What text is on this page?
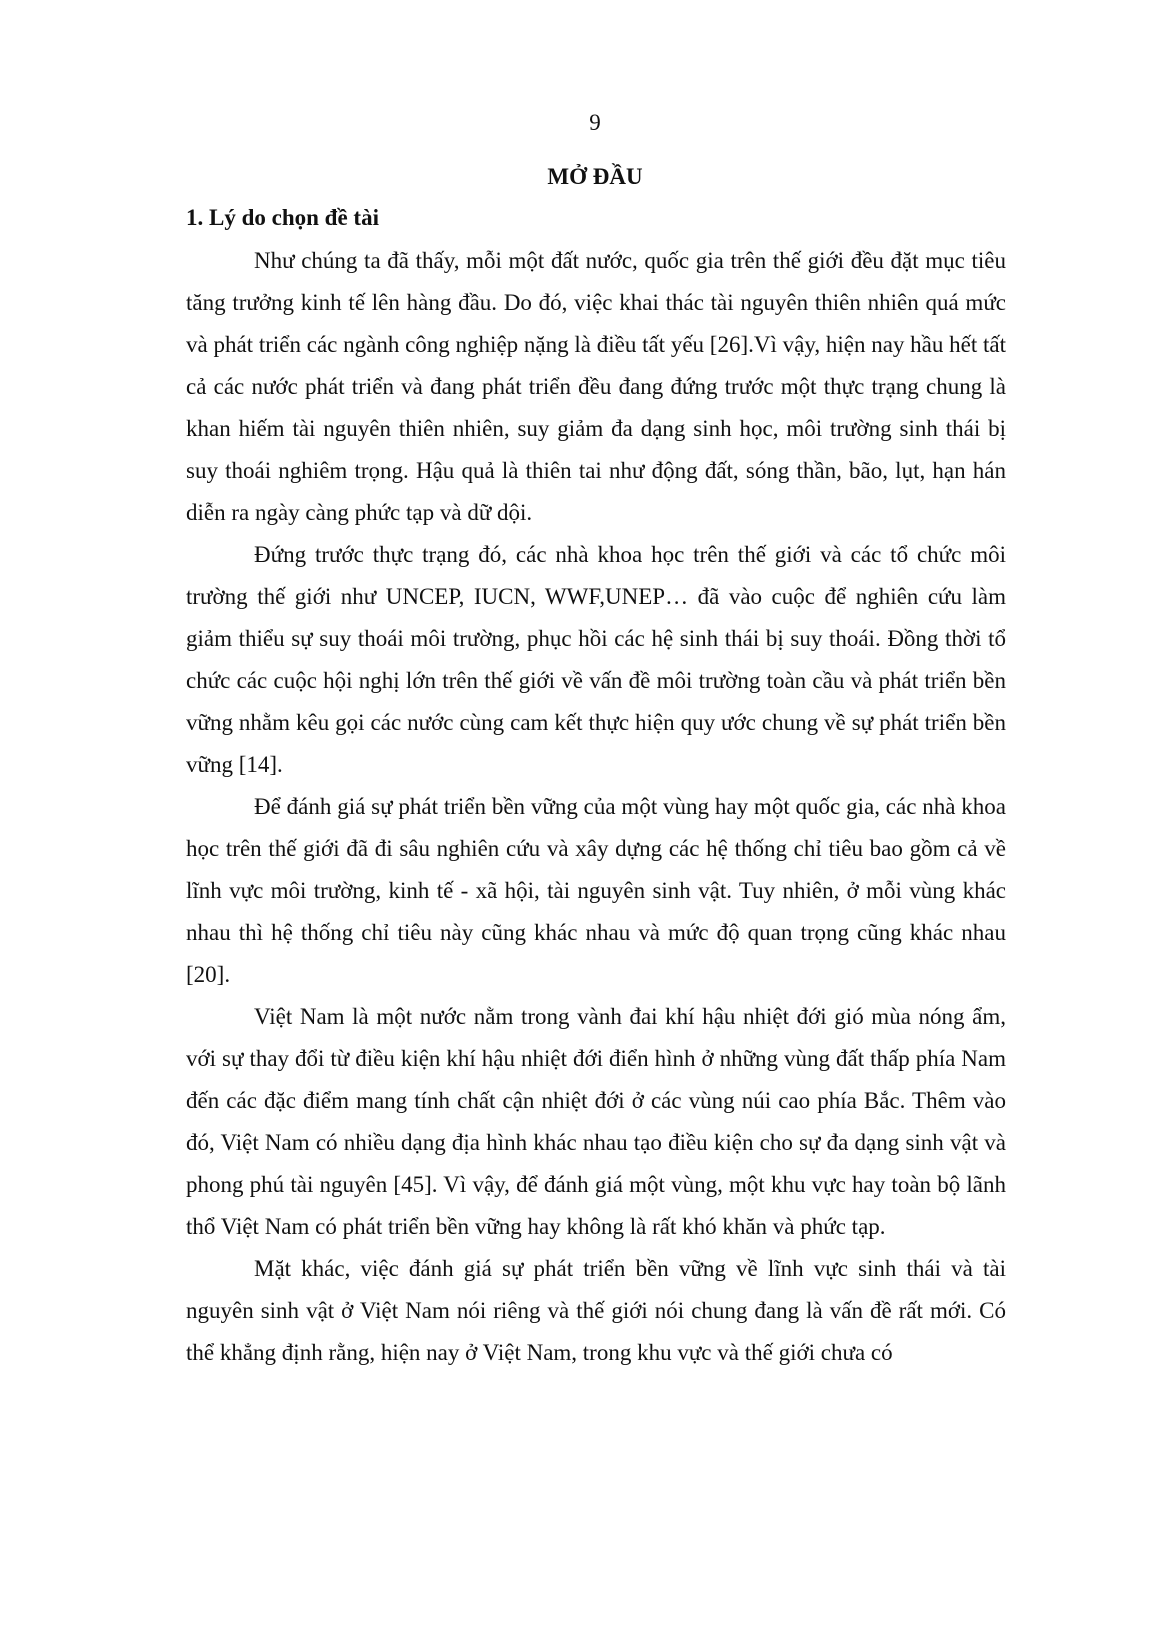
9
MỞ ĐẦU
1. Lý do chọn đề tài

Như chúng ta đã thấy, mỗi một đất nước, quốc gia trên thế giới đều đặt mục tiêu tăng trưởng kinh tế lên hàng đầu. Do đó, việc khai thác tài nguyên thiên nhiên quá mức và phát triển các ngành công nghiệp nặng là điều tất yếu [26].Vì vậy, hiện nay hầu hết tất cả các nước phát triển và đang phát triển đều đang đứng trước một thực trạng chung là khan hiếm tài nguyên thiên nhiên, suy giảm đa dạng sinh học, môi trường sinh thái bị suy thoái nghiêm trọng. Hậu quả là thiên tai như động đất, sóng thần, bão, lụt, hạn hán diễn ra ngày càng phức tạp và dữ dội.

Đứng trước thực trạng đó, các nhà khoa học trên thế giới và các tổ chức môi trường thế giới như UNCEP, IUCN, WWF,UNEP… đã vào cuộc để nghiên cứu làm giảm thiểu sự suy thoái môi trường, phục hồi các hệ sinh thái bị suy thoái. Đồng thời tổ chức các cuộc hội nghị lớn trên thế giới về vấn đề môi trường toàn cầu và phát triển bền vững nhằm kêu gọi các nước cùng cam kết thực hiện quy ước chung về sự phát triển bền vững [14].

Để đánh giá sự phát triển bền vững của một vùng hay một quốc gia, các nhà khoa học trên thế giới đã đi sâu nghiên cứu và xây dựng các hệ thống chỉ tiêu bao gồm cả về lĩnh vực môi trường, kinh tế - xã hội, tài nguyên sinh vật. Tuy nhiên, ở mỗi vùng khác nhau thì hệ thống chỉ tiêu này cũng khác nhau và mức độ quan trọng cũng khác nhau [20].

Việt Nam là một nước nằm trong vành đai khí hậu nhiệt đới gió mùa nóng ẩm, với sự thay đổi từ điều kiện khí hậu nhiệt đới điển hình ở những vùng đất thấp phía Nam đến các đặc điểm mang tính chất cận nhiệt đới ở các vùng núi cao phía Bắc. Thêm vào đó, Việt Nam có nhiều dạng địa hình khác nhau tạo điều kiện cho sự đa dạng sinh vật và phong phú tài nguyên [45]. Vì vậy, để đánh giá một vùng, một khu vực hay toàn bộ lãnh thổ Việt Nam có phát triển bền vững hay không là rất khó khăn và phức tạp.

Mặt khác, việc đánh giá sự phát triển bền vững về lĩnh vực sinh thái và tài nguyên sinh vật ở Việt Nam nói riêng và thế giới nói chung đang là vấn đề rất mới. Có thể khẳng định rằng, hiện nay ở Việt Nam, trong khu vực và thế giới chưa có
